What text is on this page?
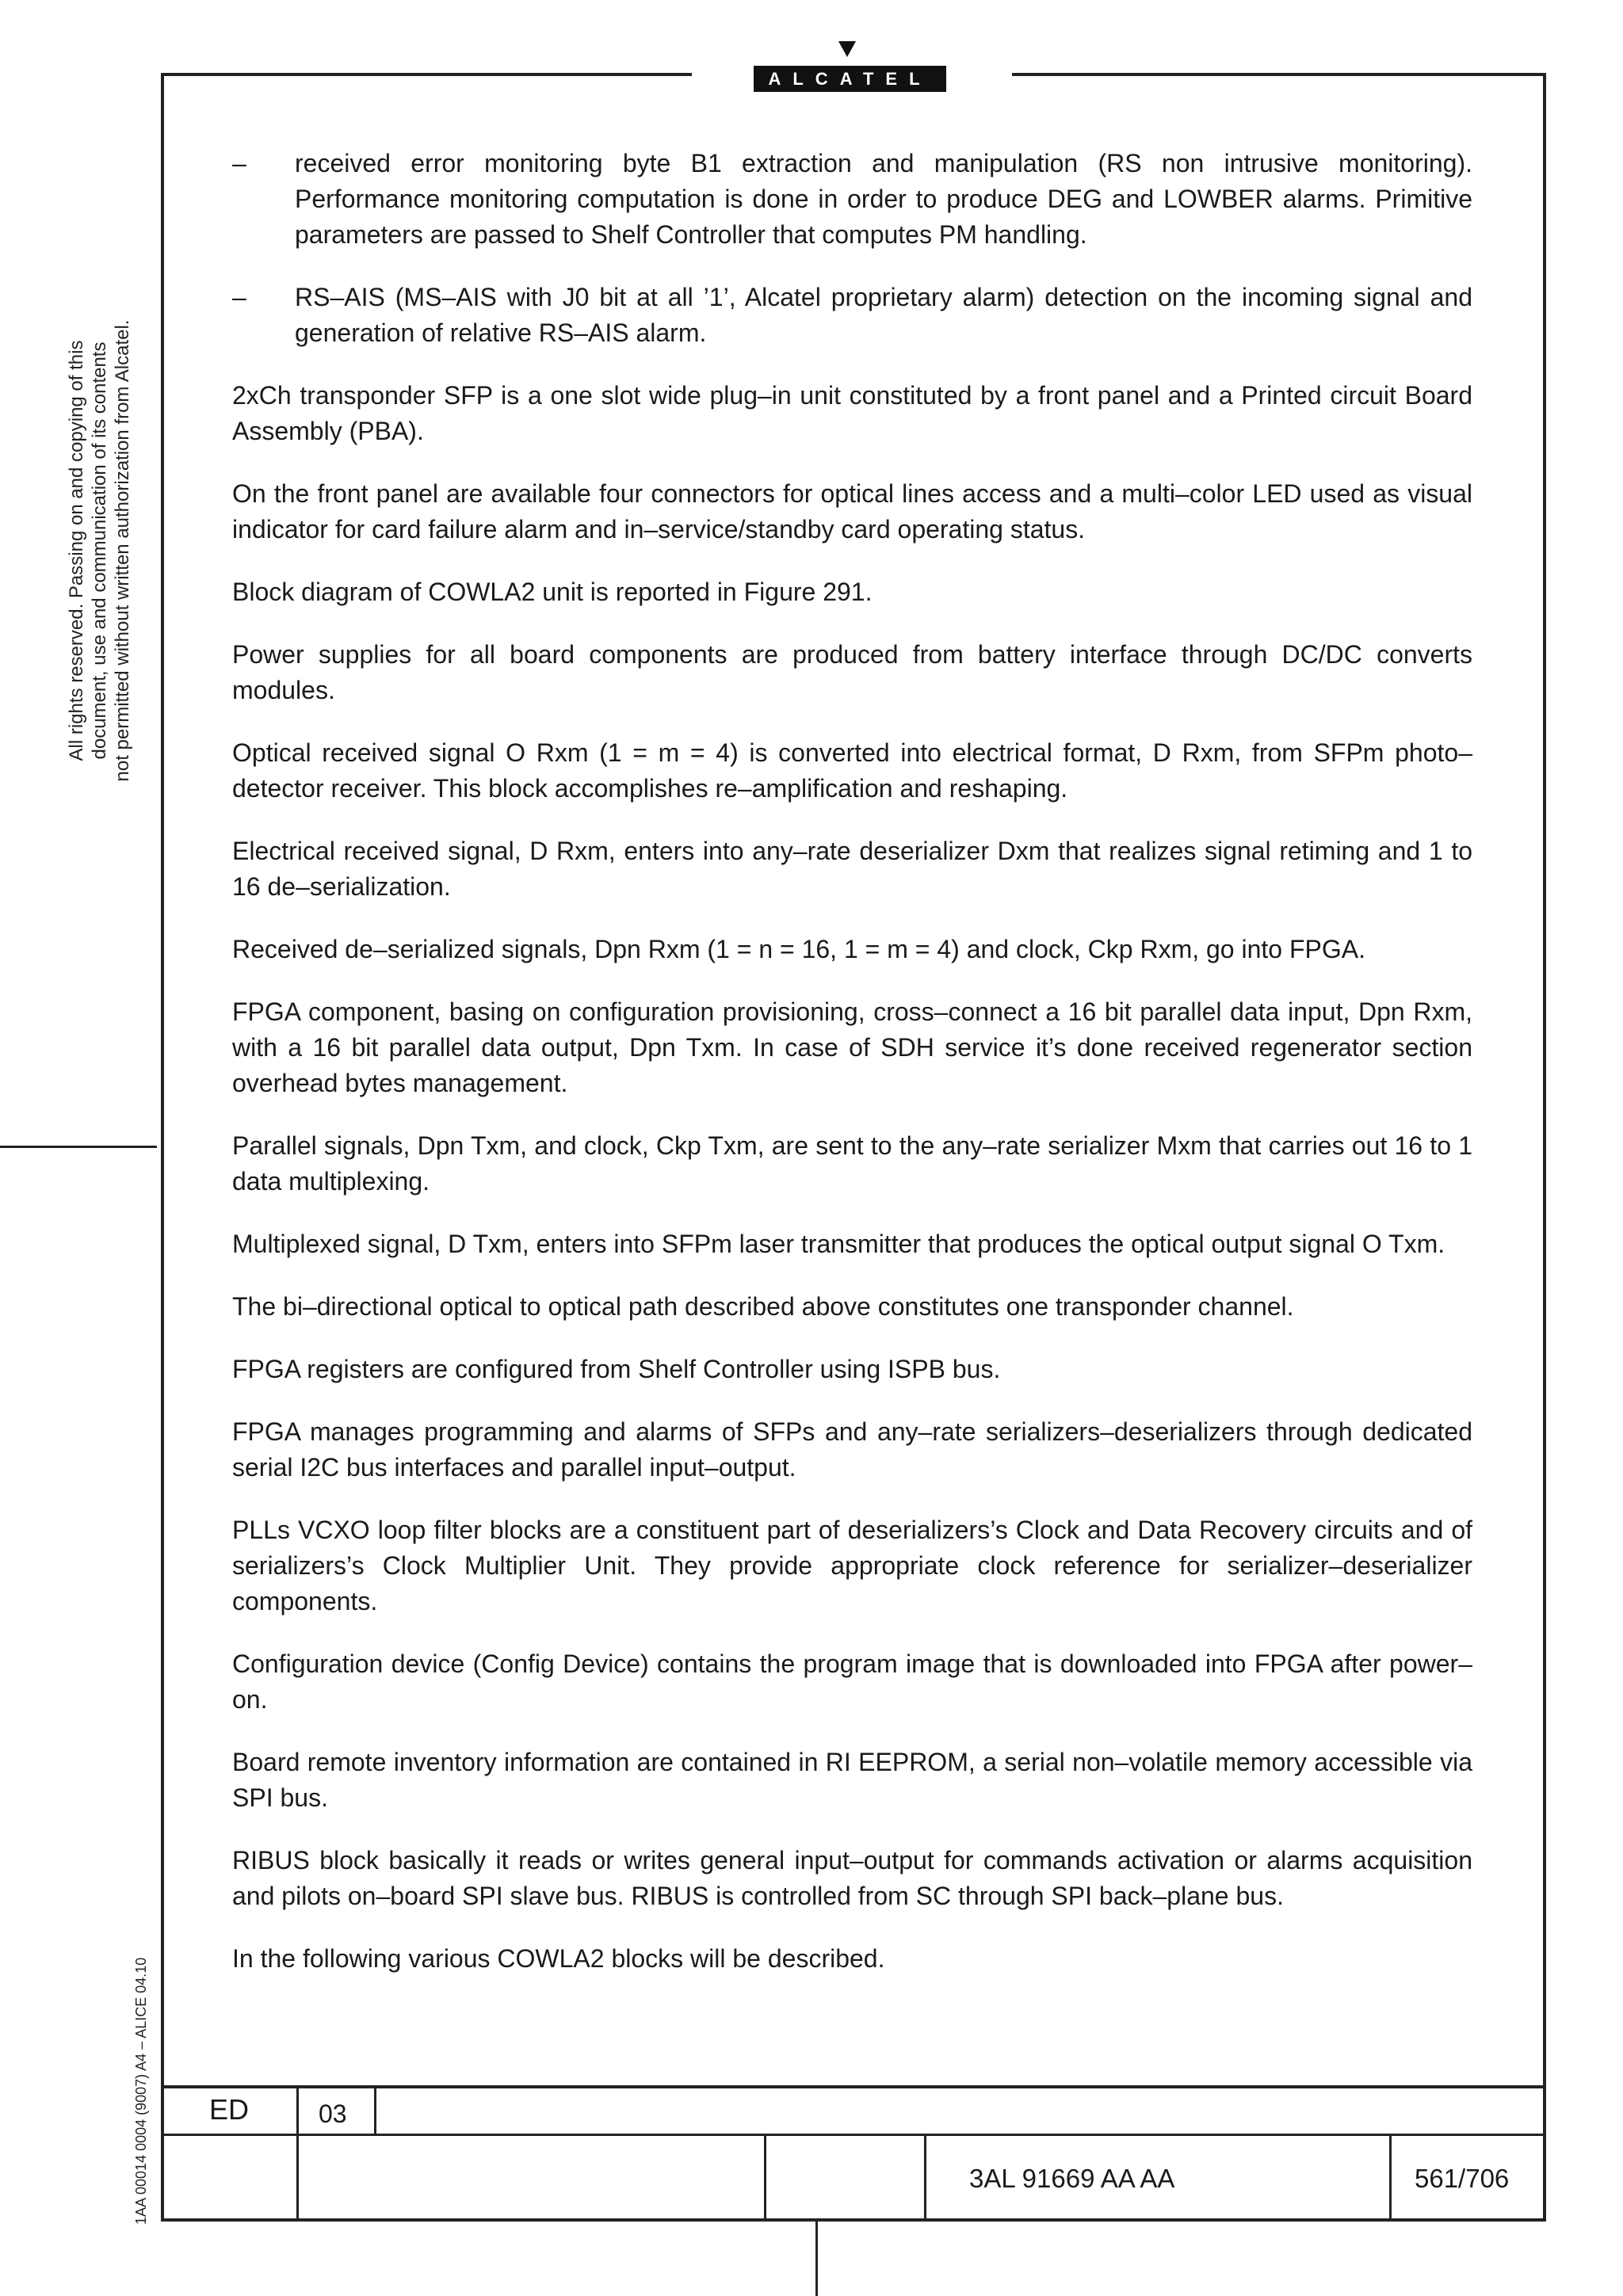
ALCATEL
All rights reserved. Passing on and copying of this document, use and communication of its contents not permitted without written authorization from Alcatel.
1AA 00014 0004 (9007) A4 – ALICE 04.10
– received error monitoring byte B1 extraction and manipulation (RS non intrusive monitoring). Performance monitoring computation is done in order to produce DEG and LOWBER alarms. Primitive parameters are passed to Shelf Controller that computes PM handling.
– RS–AIS (MS–AIS with J0 bit at all ’1’, Alcatel proprietary alarm) detection on the incoming signal and generation of relative RS–AIS alarm.
2xCh transponder SFP is a one slot wide plug–in unit constituted by a front panel and a Printed circuit Board Assembly (PBA).
On the front panel are available four connectors for optical lines access and a multi–color LED used as visual indicator for card failure alarm and in–service/standby card operating status.
Block diagram of COWLA2 unit is reported in Figure 291.
Power supplies for all board components are produced from battery interface through DC/DC converts modules.
Optical received signal O Rxm (1 = m = 4) is converted into electrical format, D Rxm, from SFPm photo–detector receiver. This block accomplishes re–amplification and reshaping.
Electrical received signal, D Rxm, enters into any–rate deserializer Dxm that realizes signal retiming and 1 to 16 de–serialization.
Received de–serialized signals, Dpn Rxm (1 = n = 16, 1 = m = 4) and clock, Ckp Rxm, go into FPGA.
FPGA component, basing on configuration provisioning, cross–connect a 16 bit parallel data input, Dpn Rxm, with a 16 bit parallel data output, Dpn Txm. In case of SDH service it’s done received regenerator section overhead bytes management.
Parallel signals, Dpn Txm, and clock, Ckp Txm, are sent to the any–rate serializer Mxm that carries out 16 to 1 data multiplexing.
Multiplexed signal, D Txm, enters into SFPm laser transmitter that produces the optical output signal O Txm.
The bi–directional optical to optical path described above constitutes one transponder channel.
FPGA registers are configured from Shelf Controller using ISPB bus.
FPGA manages programming and alarms of SFPs and any–rate serializers–deserializers through dedicated serial I2C bus interfaces and parallel input–output.
PLLs VCXO loop filter blocks are a constituent part of deserializers’s Clock and Data Recovery circuits and of serializers’s Clock Multiplier Unit. They provide appropriate clock reference for serializer–deserializer components.
Configuration device (Config Device) contains the program image that is downloaded into FPGA after power–on.
Board remote inventory information are contained in RI EEPROM, a serial non–volatile memory accessible via SPI bus.
RIBUS block basically it reads or writes general input–output for commands activation or alarms acquisition and pilots on–board SPI slave bus. RIBUS is controlled from SC through SPI back–plane bus.
In the following various COWLA2 blocks will be described.
ED	03
3AL 91669 AA AA	561/706
